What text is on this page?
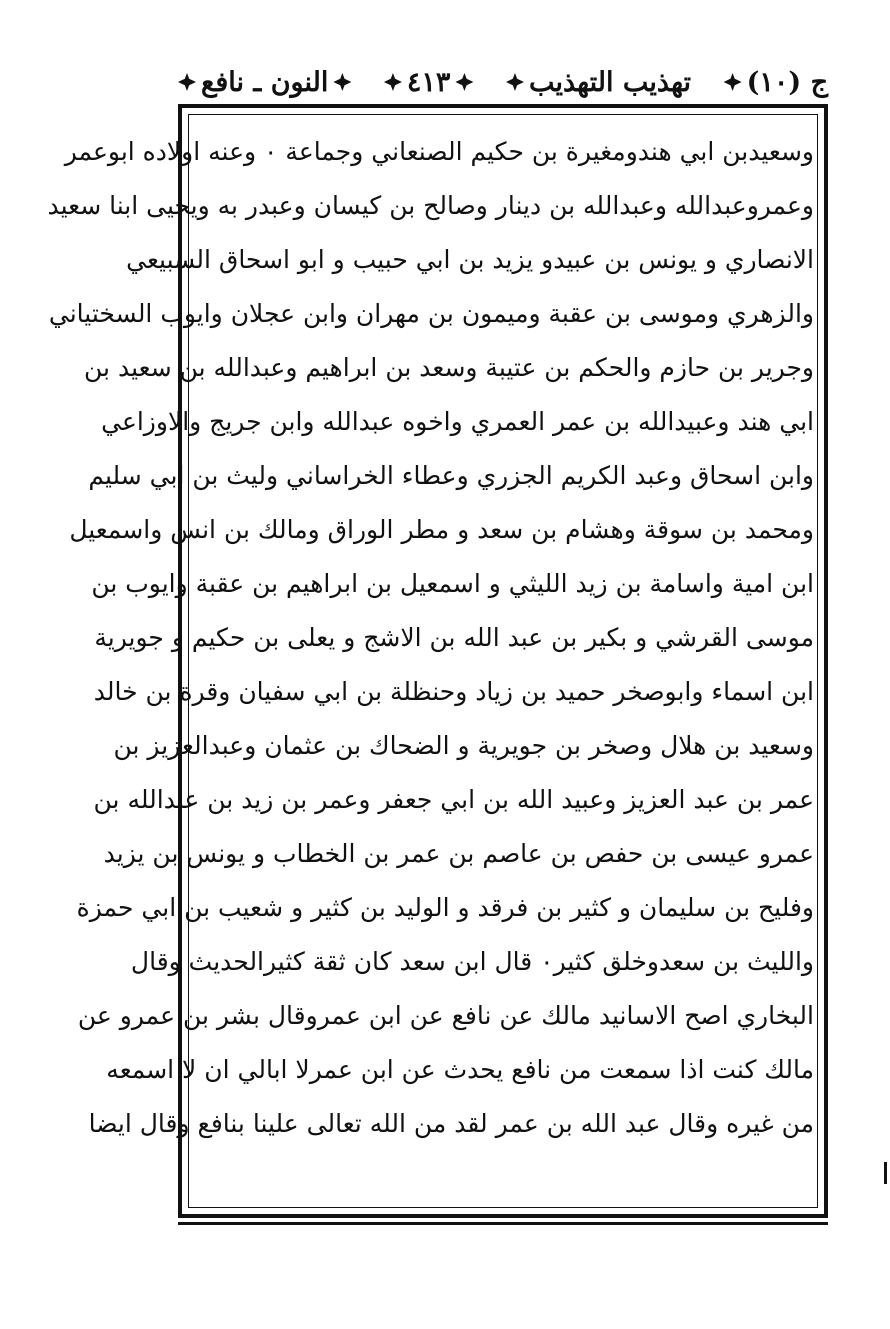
ج (١٠)
تهذيب التهذيب
٤١٣
النون ـ نافع
وسعيدبن ابي هندومغيرة بن حكيم الصنعاني وجماعة ٠ وعنه اولاده ابوعمر
وعمروعبدالله وعبدالله بن دينار وصالح بن كيسان وعبدر به ويحيى ابنا سعيد
الانصاري و يونس بن عبيدو يزيد بن ابي حبيب و ابو اسحاق السبيعي
والزهري وموسى بن عقبة وميمون بن مهران وابن عجلان وايوب السختياني
وجرير بن حازم والحكم بن عتيبة وسعد بن ابراهيم وعبدالله بن سعيد بن
ابي هند وعبيدالله بن عمر العمري واخوه عبدالله وابن جريج والاوزاعي
وابن اسحاق وعبد الكريم الجزري وعطاء الخراساني وليث بن ابي سليم
ومحمد بن سوقة وهشام بن سعد و مطر الوراق ومالك بن انس واسمعيل
ابن امية واسامة بن زيد الليثي و اسمعيل بن ابراهيم بن عقبة وايوب بن
موسى القرشي و بكير بن عبد الله بن الاشج و يعلى بن حكيم و جويرية
ابن اسماء وابوصخر حميد بن زياد وحنظلة بن ابي سفيان وقرة بن خالد
وسعيد بن هلال وصخر بن جويرية و الضحاك بن عثمان وعبدالعزيز بن
عمر بن عبد العزيز وعبيد الله بن ابي جعفر وعمر بن زيد بن عبدالله بن
عمرو عيسى بن حفص بن عاصم بن عمر بن الخطاب و يونس بن يزيد
وفليح بن سليمان و كثير بن فرقد و الوليد بن كثير و شعيب بن ابي حمزة
والليث بن سعدوخلق كثير٠ قال ابن سعد كان ثقة كثيرالحديث وقال
البخاري اصح الاسانيد مالك عن نافع عن ابن عمروقال بشر بن عمرو عن
مالك كنت اذا سمعت من نافع يحدث عن ابن عمرلا ابالي ان لا اسمعه
من غيره وقال عبد الله بن عمر لقد من الله تعالى علينا بنافع وقال ايضا
